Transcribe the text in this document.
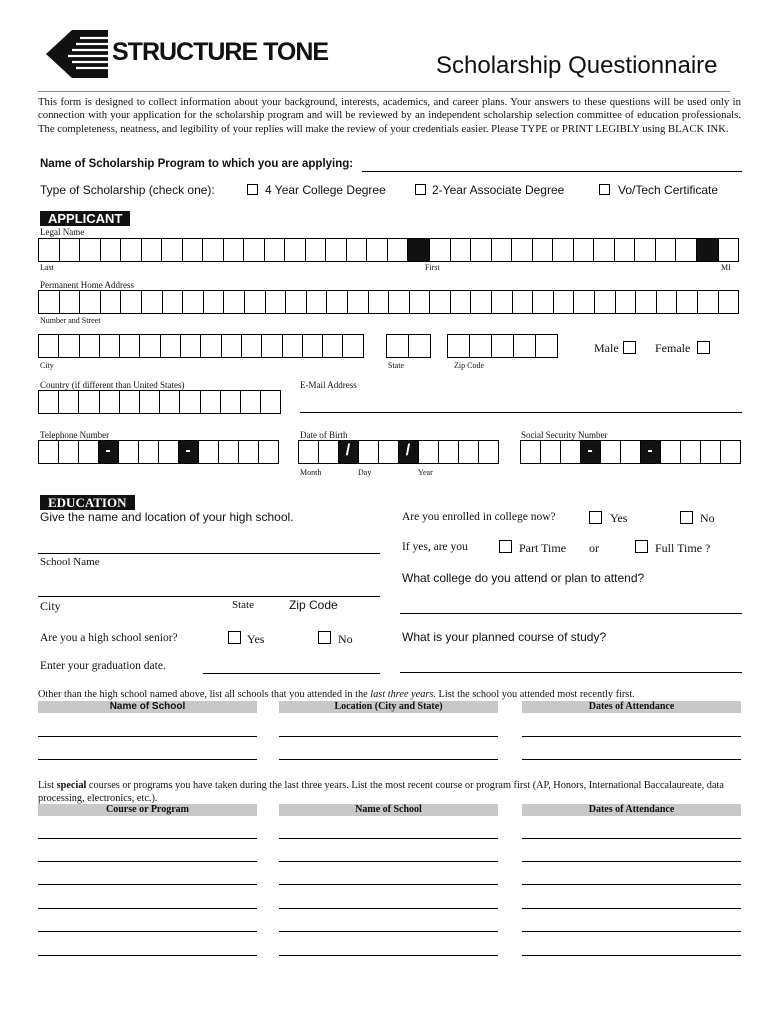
STRUCTURE TONE	Scholarship Questionnaire
This form is designed to collect information about your background, interests, academics, and career plans. Your answers to these questions will be used only in connection with your application for the scholarship program and will be reviewed by an independent scholarship selection committee of education professionals. The completeness, neatness, and legibility of your replies will make the review of your credentials easier. Please TYPE or PRINT LEGIBLY using BLACK INK.
Name of Scholarship Program to which you are applying:
Type of Scholarship (check one):	4 Year College Degree	2-Year Associate Degree	Vo/Tech Certificate
APPLICANT
Legal Name
Last	First	MI
Permanent Home Address
Number and Street
Male	Female
City	State	Zip Code
Country (if different than United States)	E-Mail Address
Telephone Number
-	-
Date of Birth
/	/
Month	Day	Year
Social Security Number
-	-
EDUCATION
Give the name and location of your high school.
School Name
City	State	Zip Code
Are you a high school senior?	Yes	No
Enter your graduation date.
Are you enrolled in college now?	Yes	No
If yes, are you	Part Time or	Full Time ?
What college do you attend or plan to attend?
What is your planned course of study?
Other than the high school named above, list all schools that you attended in the last three years. List the school you attended most recently first.
Name of School	Location (City and State)	Dates of Attendance
List special courses or programs you have taken during the last three years. List the most recent course or program first (AP, Honors, International Baccalaureate, data processing, electronics, etc.).
Course or Program	Name of School	Dates of Attendance
